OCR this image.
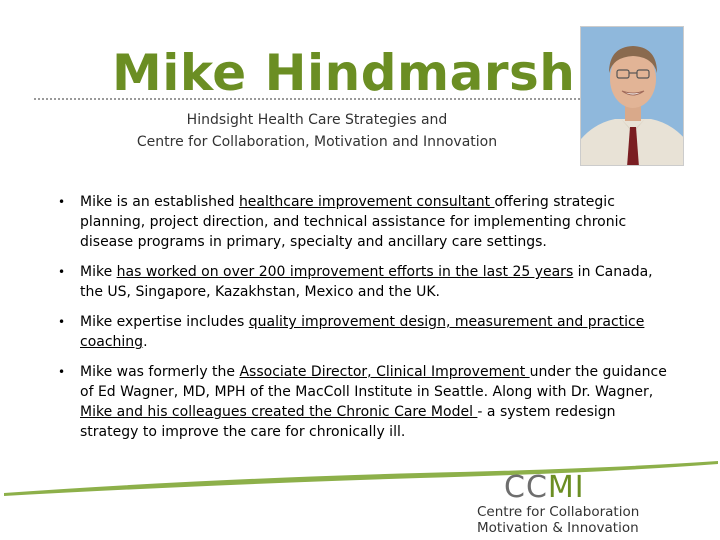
Mike Hindmarsh
Hindsight Health Care Strategies and
Centre for Collaboration, Motivation and Innovation
• Mike is an established healthcare improvement consultant offering strategic planning, project direction, and technical assistance for implementing chronic disease programs in primary, specialty and ancillary care settings.
• Mike has worked on over 200 improvement efforts in the last 25 years in Canada, the US, Singapore, Kazakhstan, Mexico and the UK.
• Mike expertise includes quality improvement design, measurement and practice coaching.
• Mike was formerly the Associate Director, Clinical Improvement under the guidance of Ed Wagner, MD, MPH of the MacColl Institute in Seattle. Along with Dr. Wagner, Mike and his colleagues created the Chronic Care Model - a system redesign strategy to improve the care for chronically ill.
CCMI
Centre for Collaboration
Motivation & Innovation
